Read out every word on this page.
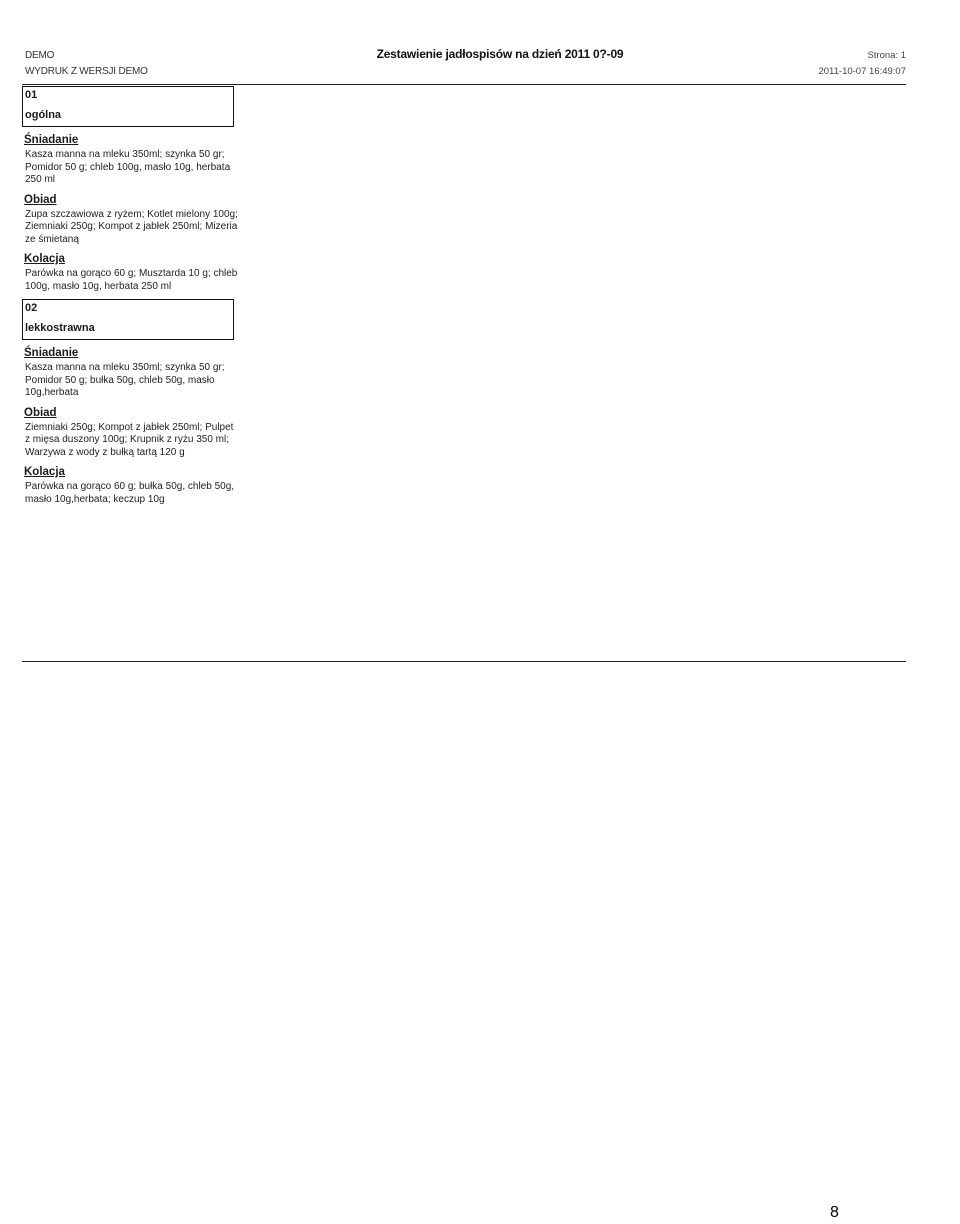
DEMO
WYDRUK Z WERSJI DEMO
Zestawienie jadłospisów na dzień 2011 0?-09	Strona: 1
2011-10-07 16:49:07
01
ogólna
Śniadanie
Kasza manna na mleku 350ml; szynka 50 gr; Pomidor 50 g; chleb 100g, masło 10g, herbata 250 ml
Obiad
Zupa szczawiowa z ryżem; Kotlet mielony 100g; Ziemniaki 250g; Kompot z jabłek 250ml; Mizeria ze śmietaną
Kolacja
Parówka na gorąco 60 g; Musztarda 10 g; chleb 100g, masło 10g, herbata 250 ml
02
lekkostrawna
Śniadanie
Kasza manna na mleku 350ml; szynka 50 gr; Pomidor 50 g; bułka 50g, chleb 50g, masło 10g,herbata
Obiad
Ziemniaki 250g; Kompot z jabłek 250ml; Pulpet z mięsa duszony 100g; Krupnik z ryżu 350 ml; Warzywa z wody z bułką tartą 120 g
Kolacja
Parówka na gorąco 60 g; bułka 50g, chleb 50g, masło 10g,herbata; keczup 10g
8
